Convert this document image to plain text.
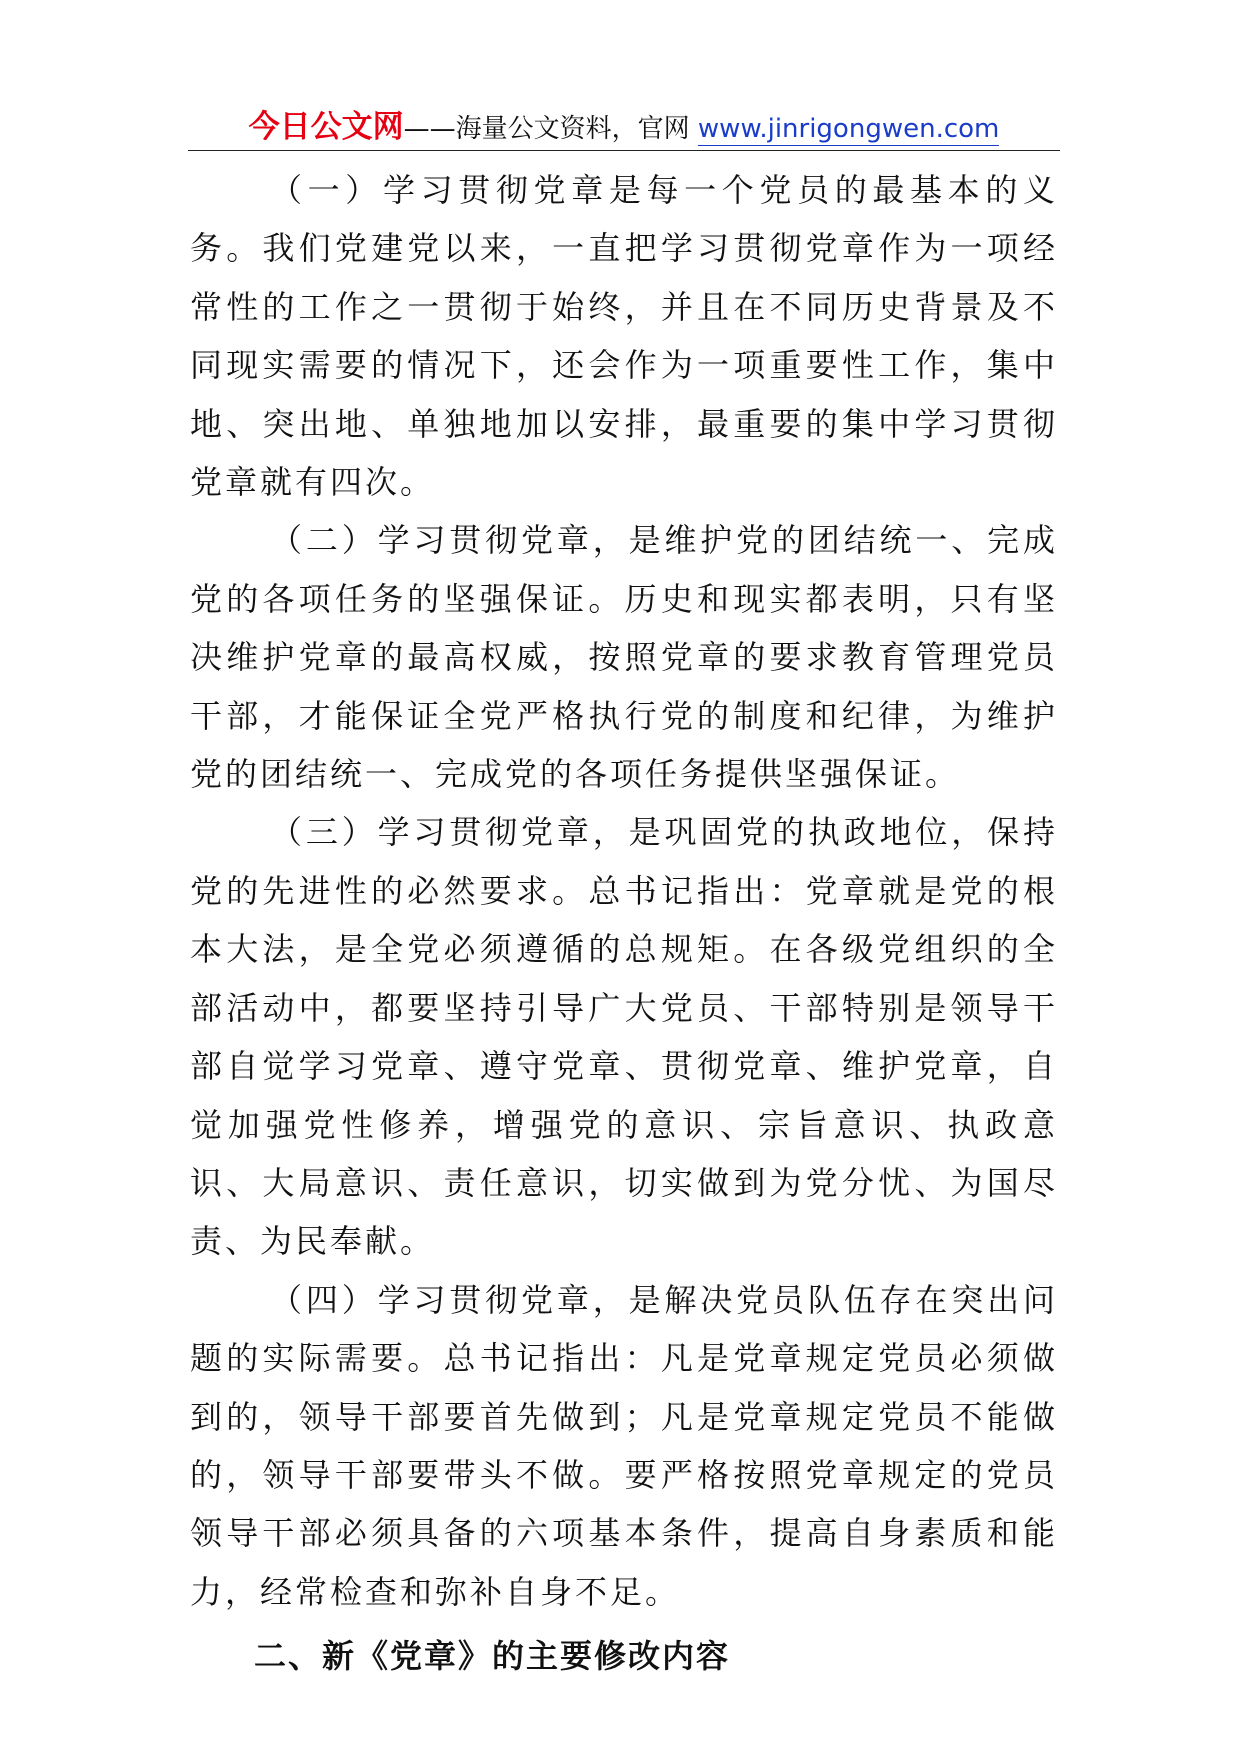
今日公文网——海量公文资料，官网 www.jinrigongwen.com

（一）学习贯彻党章是每一个党员的最基本的义务。我们党建党以来，一直把学习贯彻党章作为一项经常性的工作之一贯彻于始终，并且在不同历史背景及不同现实需要的情况下，还会作为一项重要性工作，集中地、突出地、单独地加以安排，最重要的集中学习贯彻党章就有四次。

（二）学习贯彻党章，是维护党的团结统一、完成党的各项任务的坚强保证。历史和现实都表明，只有坚决维护党章的最高权威，按照党章的要求教育管理党员干部，才能保证全党严格执行党的制度和纪律，为维护党的团结统一、完成党的各项任务提供坚强保证。

（三）学习贯彻党章，是巩固党的执政地位，保持党的先进性的必然要求。总书记指出：党章就是党的根本大法，是全党必须遵循的总规矩。在各级党组织的全部活动中，都要坚持引导广大党员、干部特别是领导干部自觉学习党章、遵守党章、贯彻党章、维护党章，自觉加强党性修养，增强党的意识、宗旨意识、执政意识、大局意识、责任意识，切实做到为党分忧、为国尽责、为民奉献。

（四）学习贯彻党章，是解决党员队伍存在突出问题的实际需要。总书记指出：凡是党章规定党员必须做到的，领导干部要首先做到；凡是党章规定党员不能做的，领导干部要带头不做。要严格按照党章规定的党员领导干部必须具备的六项基本条件，提高自身素质和能力，经常检查和弥补自身不足。

二、新《党章》的主要修改内容
